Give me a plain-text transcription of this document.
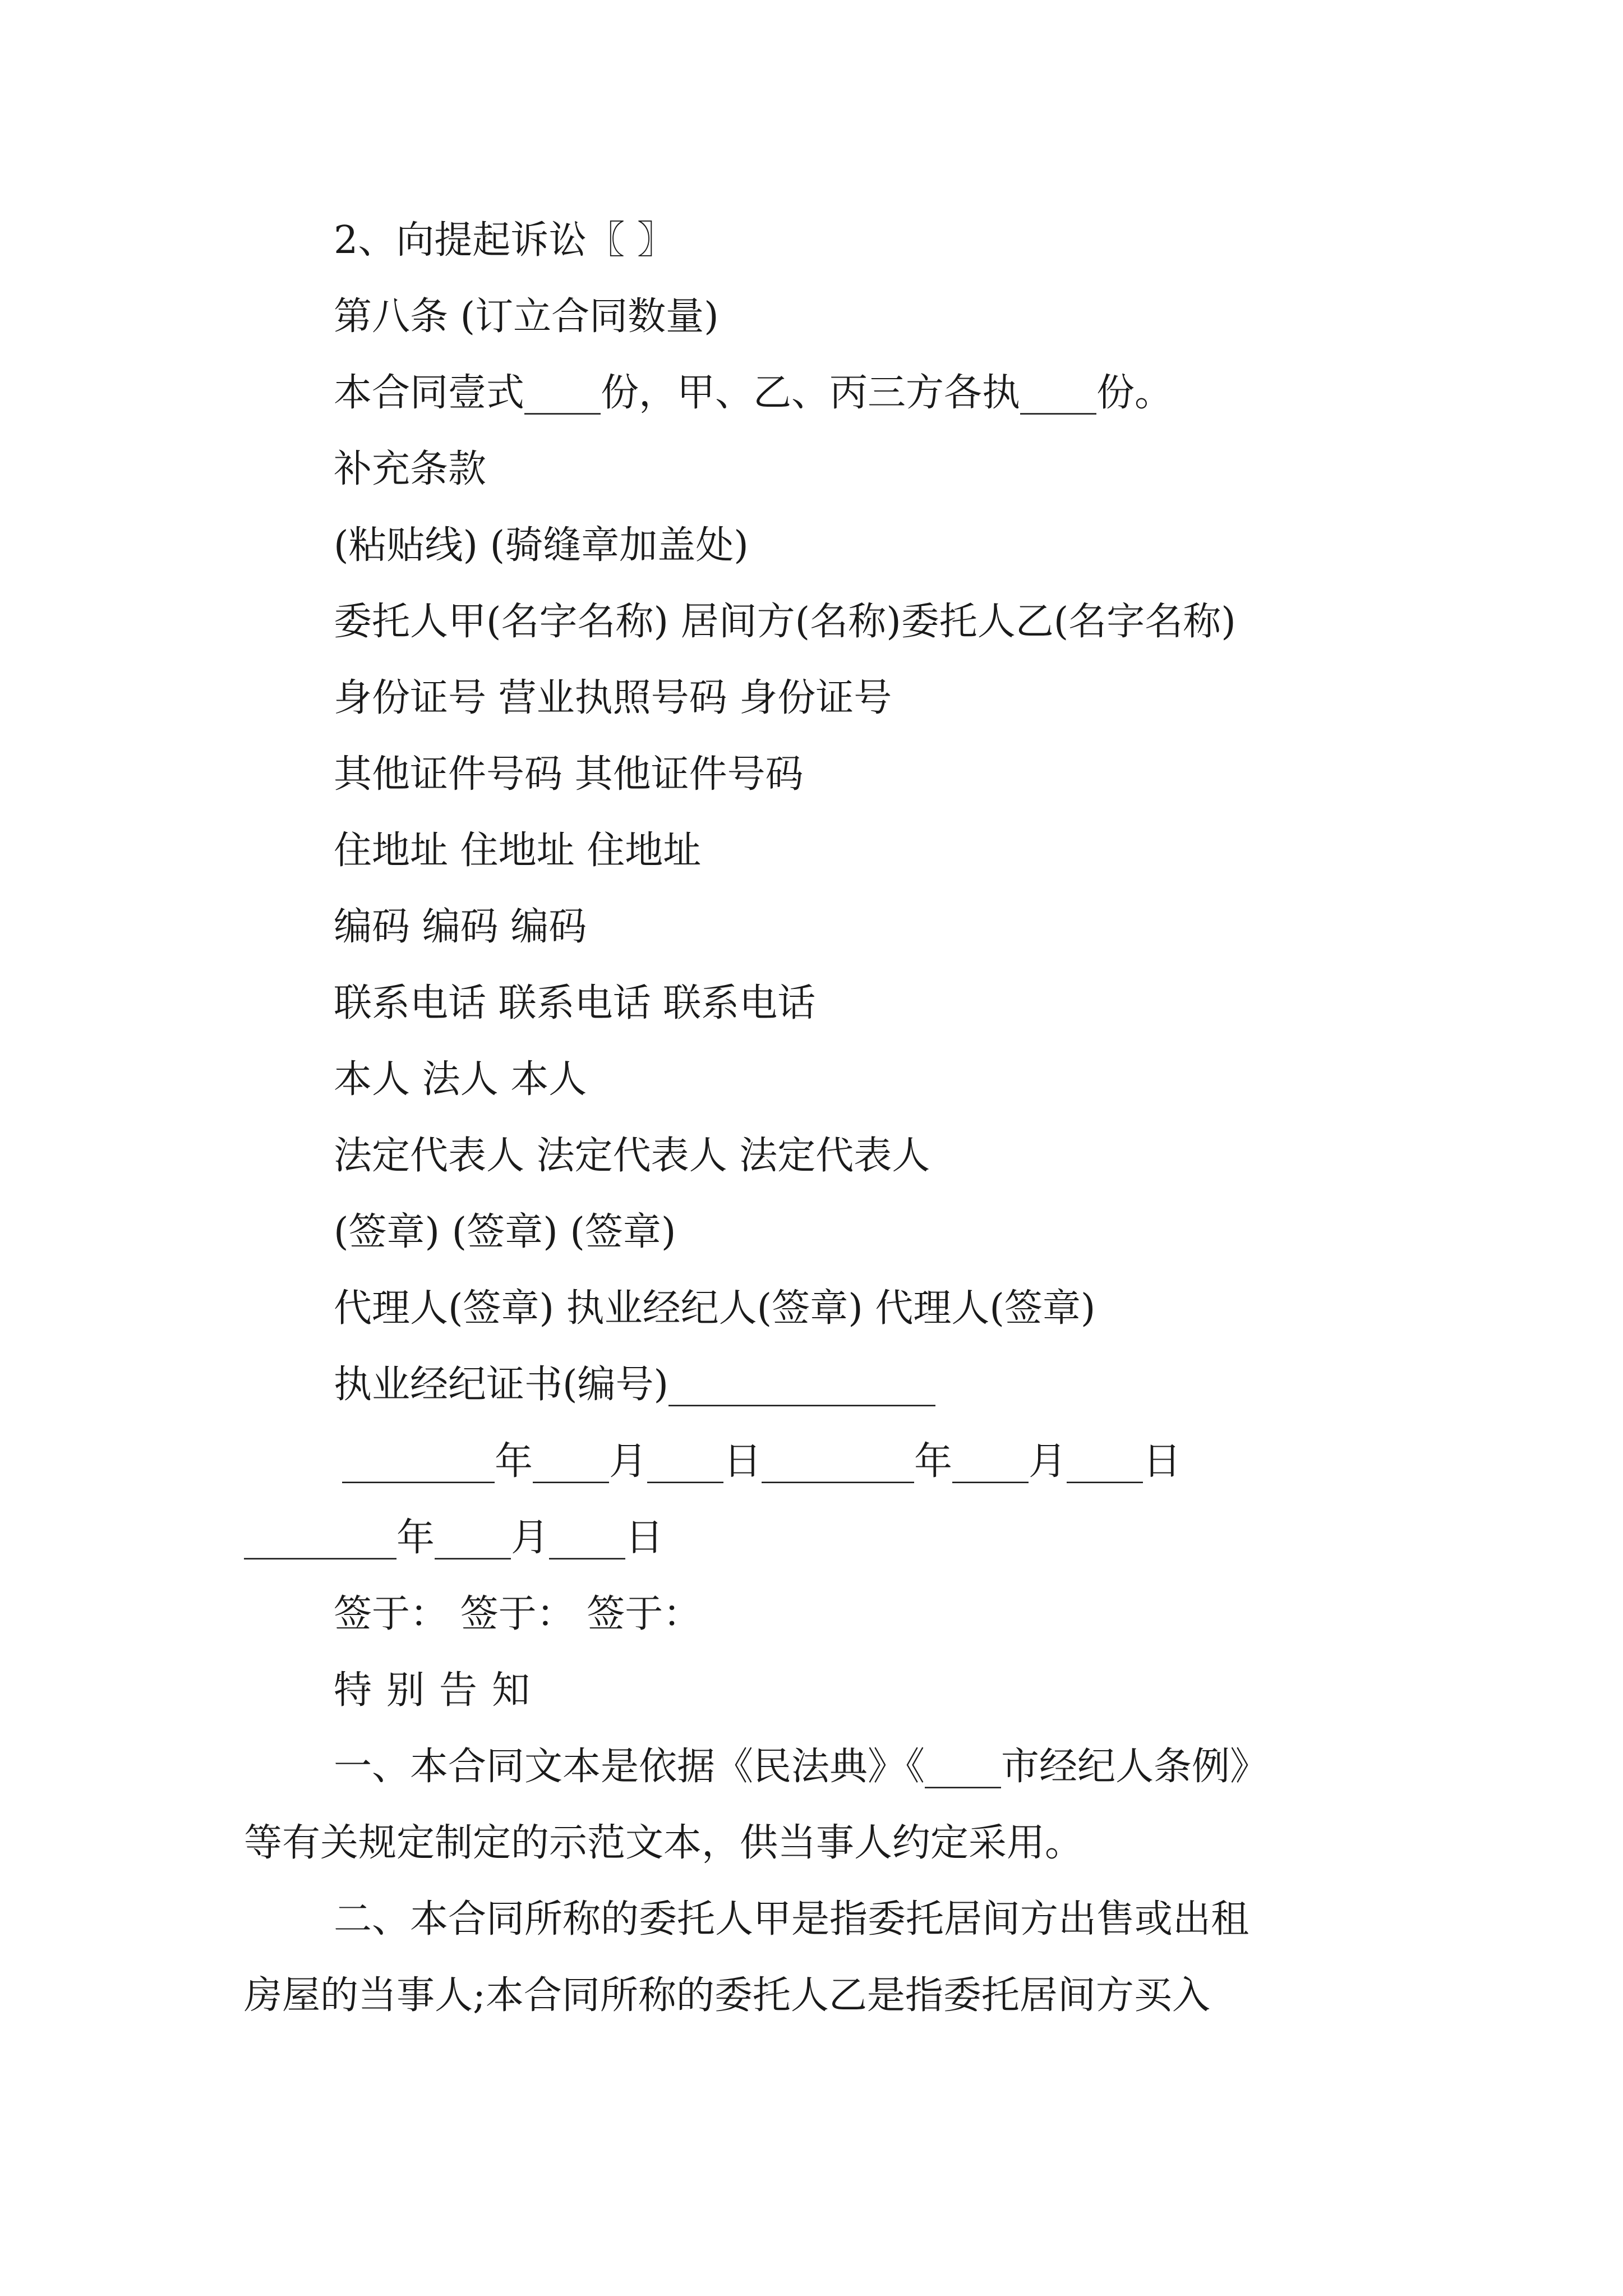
2、向提起诉讼〖 〗
第八条 (订立合同数量)
本合同壹式____份，甲、乙、丙三方各执____份。
补充条款
(粘贴线) (骑缝章加盖处)
委托人甲(名字名称) 居间方(名称)委托人乙(名字名称)
身份证号 营业执照号码 身份证号
其他证件号码 其他证件号码
住地址 住地址 住地址
编码 编码 编码
联系电话 联系电话 联系电话
本人 法人 本人
法定代表人 法定代表人 法定代表人
(签章) (签章) (签章)
代理人(签章) 执业经纪人(签章) 代理人(签章)
执业经纪证书(编号)______________
________年____月____日________年____月____日
________年____月____日
签于： 签于： 签于：
特别告知
一、本合同文本是依据《民法典》《____市经纪人条例》
等有关规定制定的示范文本，供当事人约定采用。
二、本合同所称的委托人甲是指委托居间方出售或出租
房屋的当事人;本合同所称的委托人乙是指委托居间方买入
